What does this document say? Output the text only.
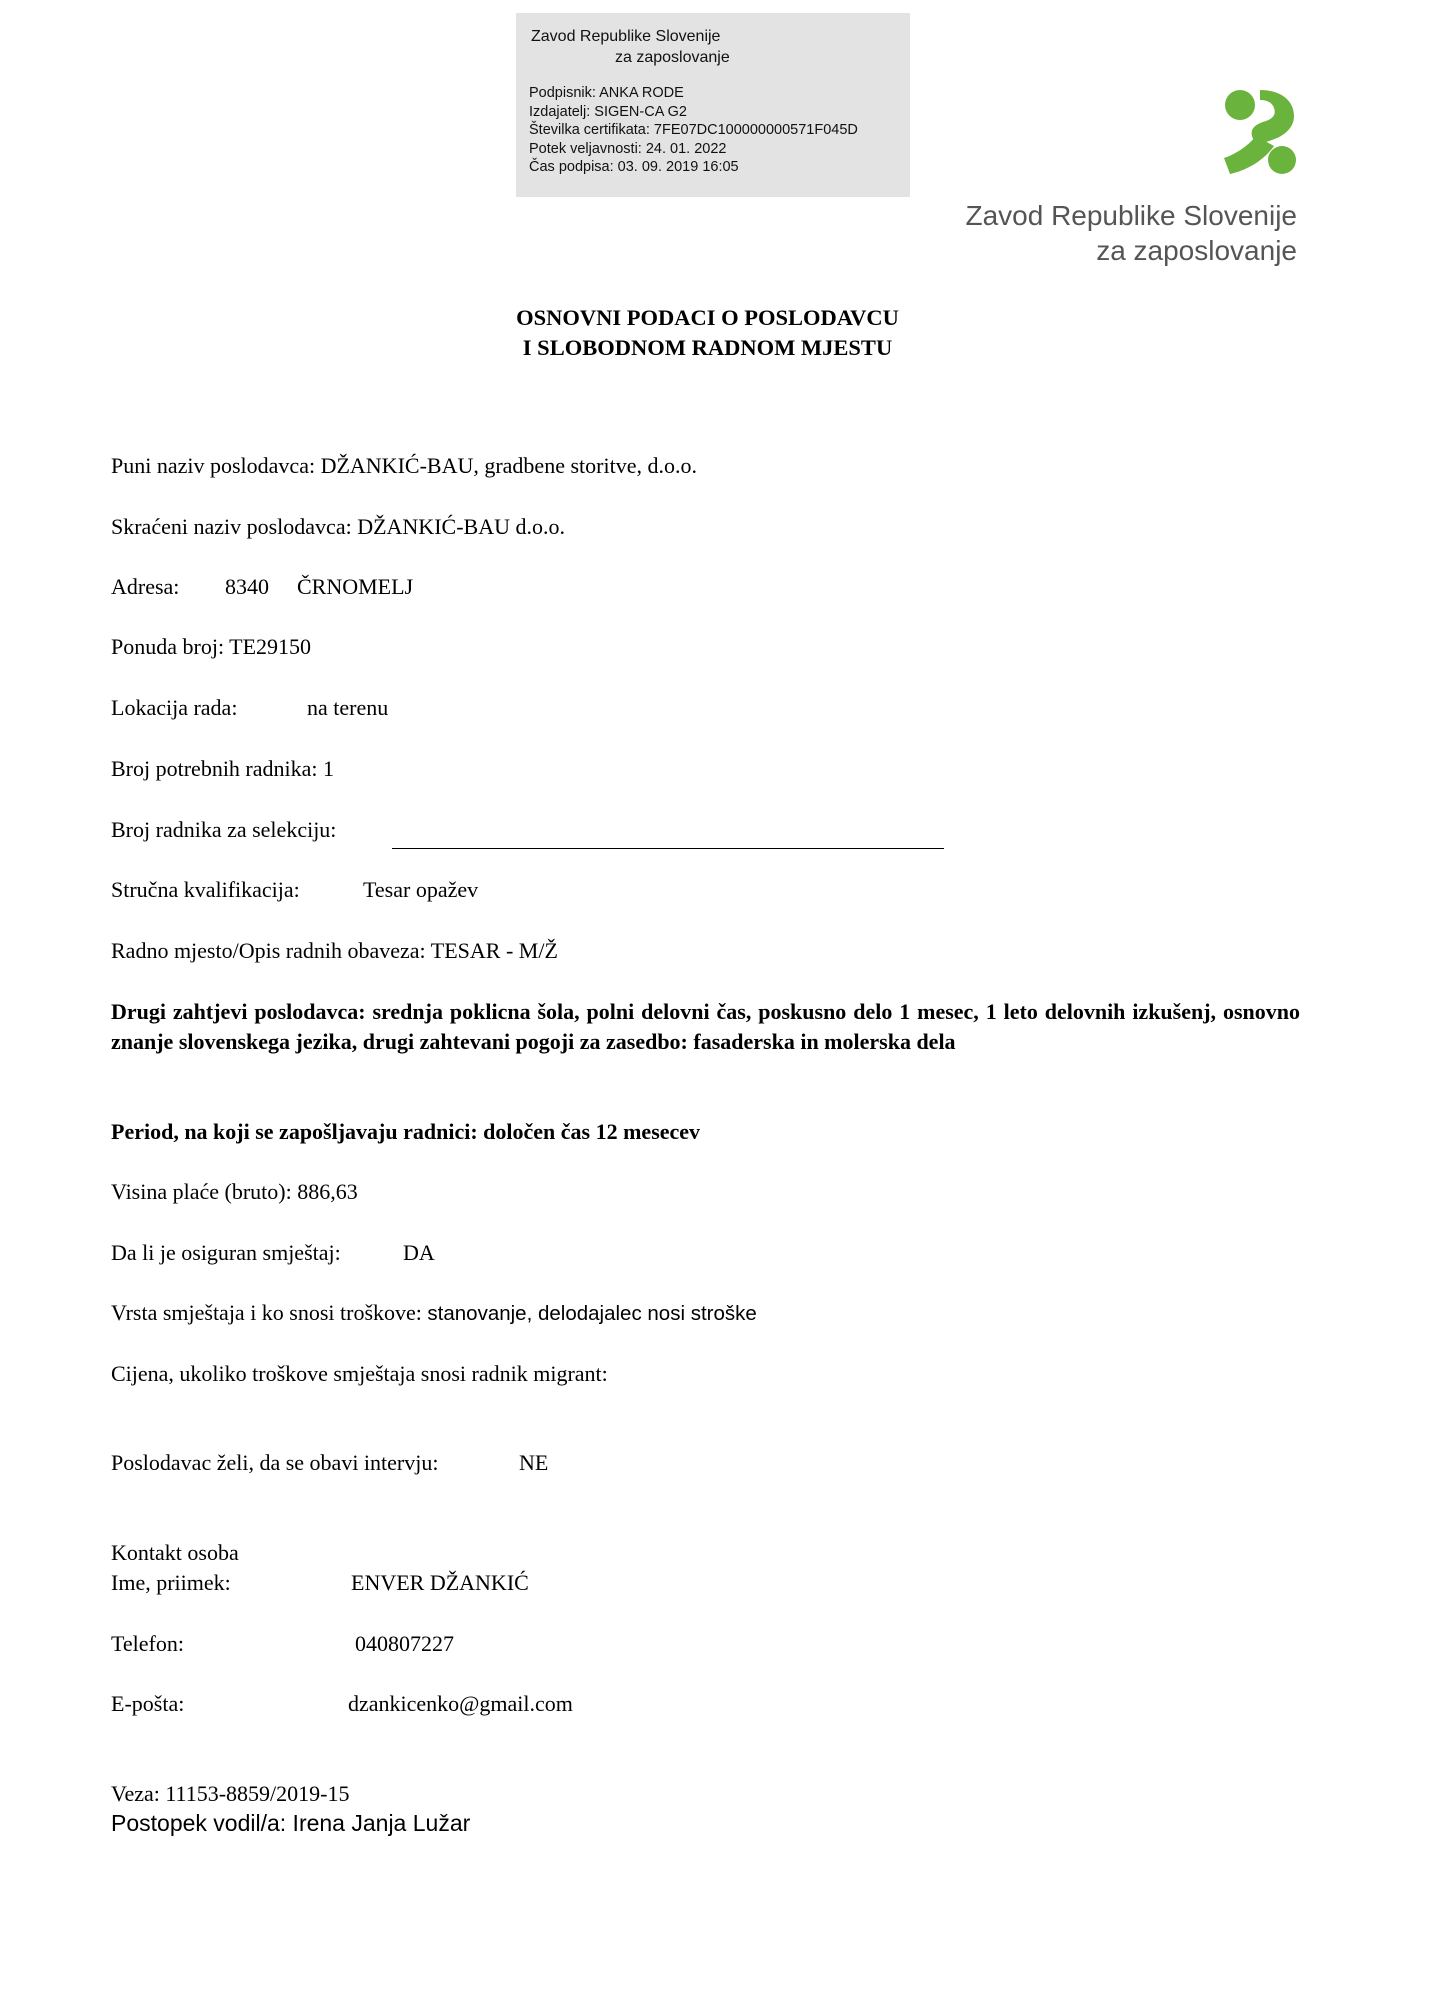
Zavod Republike Slovenije
za zaposlovanje
Podpisnik: ANKA RODE
Izdajatelj: SIGEN-CA G2
Številka certifikata: 7FE07DC100000000571F045D
Potek veljavnosti: 24. 01. 2022
Čas podpisa: 03. 09. 2019 16:05
Zavod Republike Slovenije
za zaposlovanje
OSNOVNI PODACI O POSLODAVCU
I SLOBODNOM RADNOM MJESTU
Puni naziv poslodavca: DŽANKIĆ-BAU, gradbene storitve, d.o.o.
Skraćeni naziv poslodavca: DŽANKIĆ-BAU d.o.o.
Adresa: 8340 ČRNOMELJ
Ponuda broj: TE29150
Lokacija rada:	na terenu
Broj potrebnih radnika: 1
Broj radnika za selekciju:
Stručna kvalifikacija:	Tesar opažev
Radno mjesto/Opis radnih obaveza: TESAR - M/Ž
Drugi zahtjevi poslodavca: srednja poklicna šola, polni delovni čas, poskusno delo 1 mesec, 1 leto delovnih izkušenj, osnovno znanje slovenskega jezika, drugi zahtevani pogoji za zasedbo: fasaderska in molerska dela
Period, na koji se zapošljavaju radnici: določen čas 12 mesecev
Visina plaće (bruto): 886,63
Da li je osiguran smještaj:	DA
Vrsta smještaja i ko snosi troškove: stanovanje, delodajalec nosi stroške
Cijena, ukoliko troškove smještaja snosi radnik migrant:
Poslodavac želi, da se obavi intervju:	NE
Kontakt osoba
Ime, priimek:	ENVER DŽANKIĆ
Telefon:	040807227
E-pošta:	dzankicenko@gmail.com
Veza: 11153-8859/2019-15
Postopek vodil/a: Irena Janja Lužar
